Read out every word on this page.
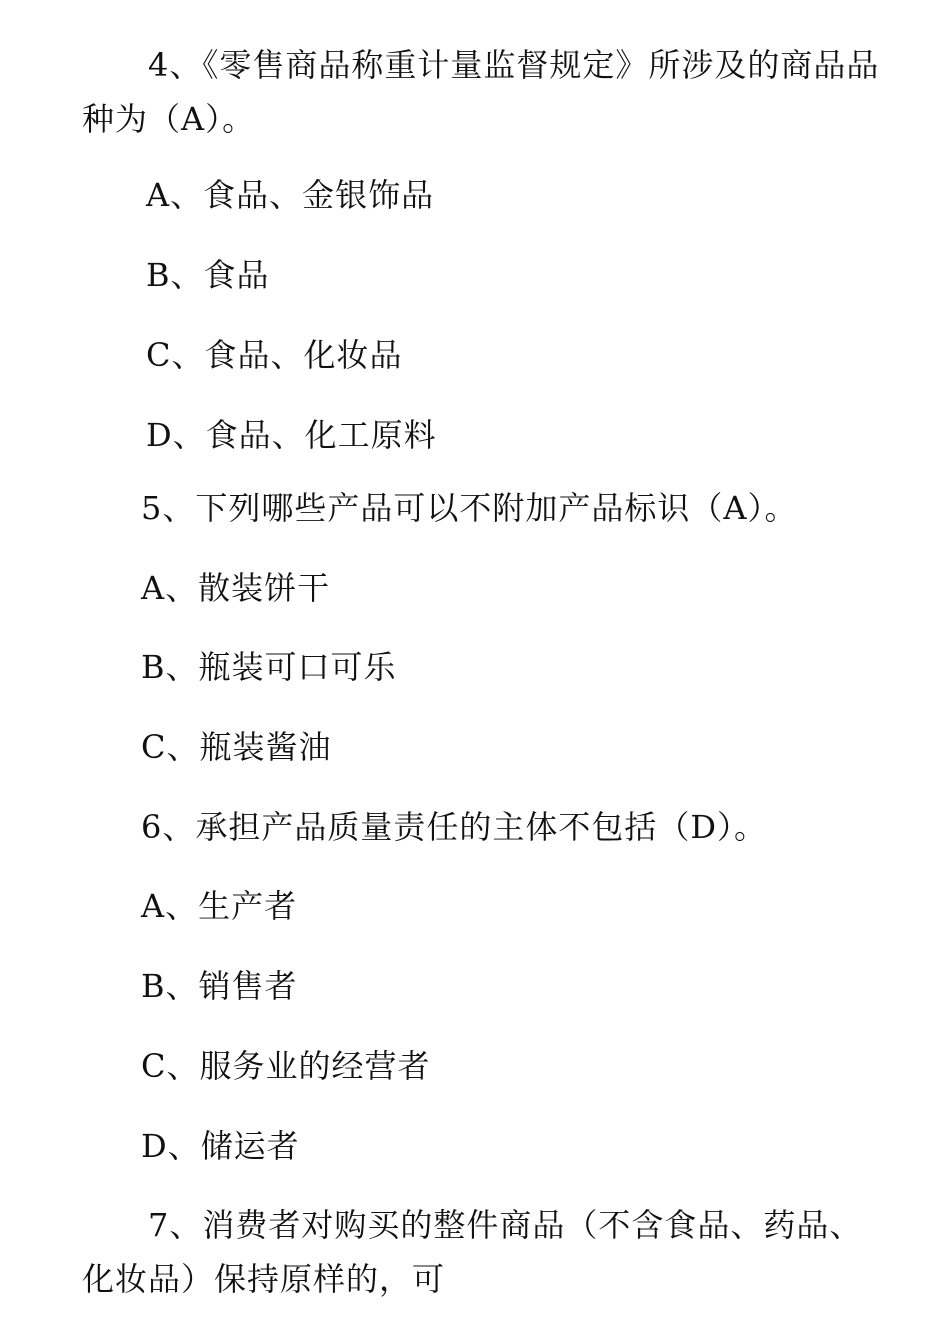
4、《零售商品称重计量监督规定》所涉及的商品品种为（A）。
A、食品、金银饰品
B、食品
C、食品、化妆品
D、食品、化工原料
5、下列哪些产品可以不附加产品标识（A）。
A、散装饼干
B、瓶装可口可乐
C、瓶装酱油
6、承担产品质量责任的主体不包括（D）。
A、生产者
B、销售者
C、服务业的经营者
D、储运者
7、消费者对购买的整件商品（不含食品、药品、化妆品）保持原样的，可
